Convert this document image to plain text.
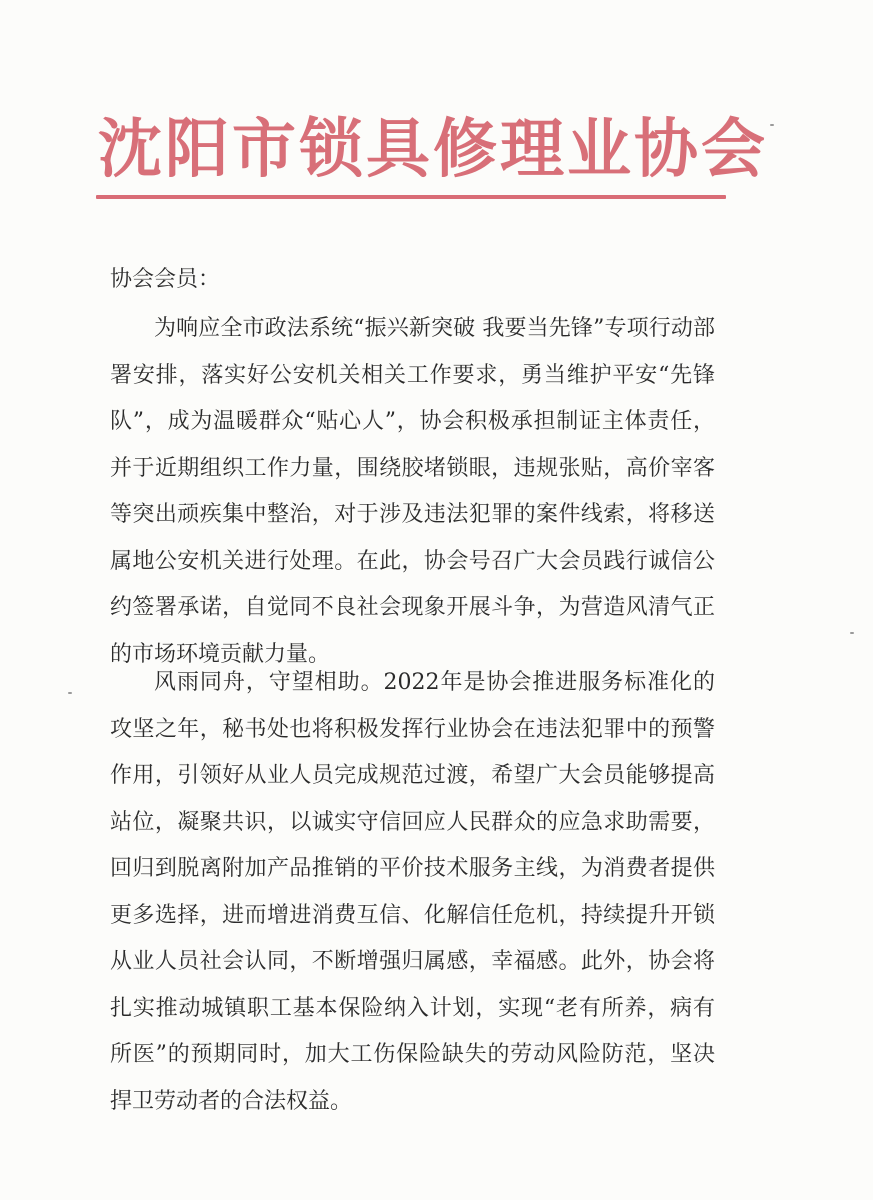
沈阳市锁具修理业协会

协会会员：

为响应全市政法系统“振兴新突破 我要当先锋”专项行动部署安排，落实好公安机关相关工作要求，勇当维护平安“先锋队”，成为温暖群众“贴心人”，协会积极承担制证主体责任，并于近期组织工作力量，围绕胶堵锁眼，违规张贴，高价宰客等突出顽疾集中整治，对于涉及违法犯罪的案件线索，将移送属地公安机关进行处理。在此，协会号召广大会员践行诚信公约签署承诺，自觉同不良社会现象开展斗争，为营造风清气正的市场环境贡献力量。

风雨同舟，守望相助。2022年是协会推进服务标准化的攻坚之年，秘书处也将积极发挥行业协会在违法犯罪中的预警作用，引领好从业人员完成规范过渡，希望广大会员能够提高站位，凝聚共识，以诚实守信回应人民群众的应急求助需要，回归到脱离附加产品推销的平价技术服务主线，为消费者提供更多选择，进而增进消费互信、化解信任危机，持续提升开锁从业人员社会认同，不断增强归属感，幸福感。此外，协会将扎实推动城镇职工基本保险纳入计划，实现“老有所养，病有所医”的预期同时，加大工伤保险缺失的劳动风险防范，坚决捍卫劳动者的合法权益。
